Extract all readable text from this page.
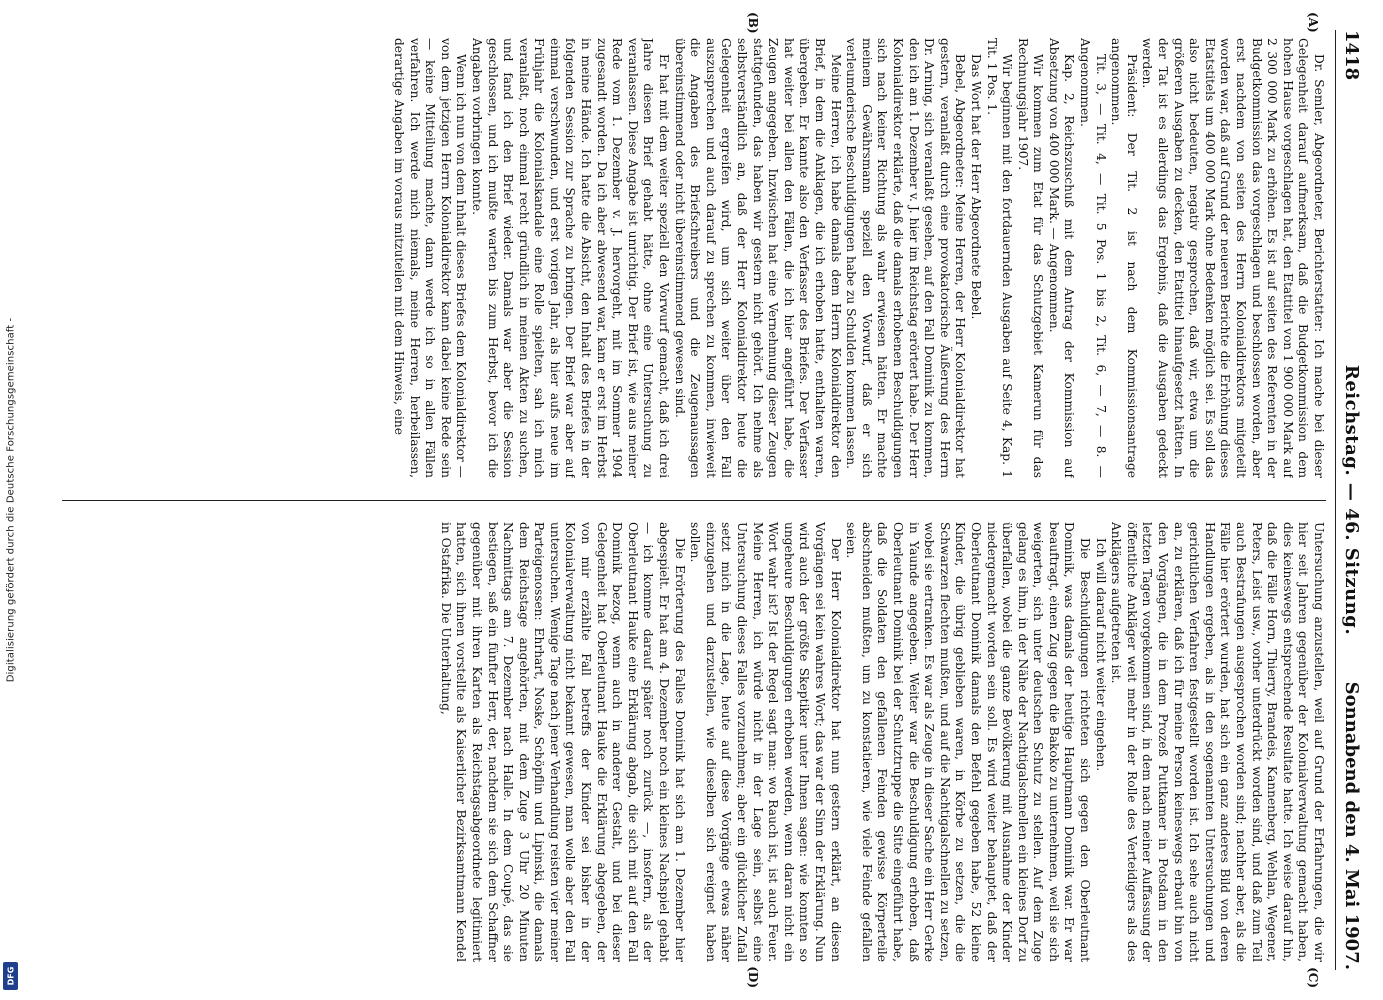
Digitalisierung gefördert durch die Deutsche Forschungsgemeinschaft -
DFG
1418
Reichstag. — 46. Sitzung.
Sonnabend den 4. Mai 1907.
(A)
(B)
(C)
(D)

Dr. Semler, Abgeordneter, Berichterstatter: Ich mache bei dieser Gelegenheit darauf aufmerksam, daß die Budgetkommission dem hohen Hause vorgeschlagen hat, den Etattitel von 1 900 000 Mark auf 2 300 000 Mark zu erhöhen. Es ist auf seiten des Referenten in der Budgetkommission das vorgeschlagen und beschlossen worden, aber erst nachdem von seiten des Herrn Kolonialdirektors mitgeteilt worden war, daß auf Grund der neueren Berichte die Erhöhung dieses Etatstitels um 400 000 Mark ohne Bedenken möglich sei. Es soll das also nicht bedeuten, negativ gesprochen, daß wir, etwa um die größeren Ausgaben zu decken, den Etattitel hinaufgesetzt hätten. In der Tat ist es allerdings das Ergebnis, daß die Ausgaben gedeckt werden.

Präsident: Der Tit. 2 ist nach dem Kommissionsantrage angenommen.

Tit. 3, — Tit. 4, — Tit. 5 Pos. 1 bis 2, Tit. 6, — 7, — 8. — Angenommen.

Kap. 2, Reichszuschuß mit dem Antrag der Kommission auf Absetzung von 400 000 Mark. — Angenommen.

Wir kommen zum Etat für das Schutzgebiet Kamerun für das Rechnungsjahr 1907.

Wir beginnen mit den fortdauernden Ausgaben auf Seite 4, Kap. 1 Tit. 1 Pos. 1.

Das Wort hat der Herr Abgeordnete Bebel.

Bebel, Abgeordneter: Meine Herren, der Herr Kolonialdirektor hat gestern, veranlaßt durch eine provokatorische Äußerung des Herrn Dr. Arning, sich veranlaßt gesehen, auf den Fall Dominik zu kommen, den ich am 1. Dezember v. J. hier im Reichstag erörtert habe. Der Herr Kolonialdirektor erklärte, daß die damals erhobenen Beschuldigungen sich nach keiner Richtung als wahr erwiesen hätten. Er machte meinem Gewährsmann speziell den Vorwurf, daß er sich verleumderische Beschuldigungen habe zu Schulden kommen lassen.

Meine Herren, ich habe damals dem Herrn Kolonialdirektor den Brief, in dem die Anklagen, die ich erhoben hatte, enthalten waren, übergeben. Er kannte also den Verfasser des Briefes. Der Verfasser hat weiter bei allen den Fällen, die ich hier angeführt habe, die Zeugen angegeben. Inzwischen hat eine Vernehmung dieser Zeugen stattgefunden, das haben wir gestern nicht gehört. Ich nehme als selbstverständlich an, daß der Herr Kolonialdirektor heute die Gelegenheit ergreifen wird, um sich weiter über den Fall auszusprechen und auch darauf zu sprechen zu kommen, inwieweit die Angaben des Briefschreibers und die Zeugenaussagen übereinstimmend oder nicht übereinstimmend gewesen sind.

Er hat mit dem weiter speziell den Vorwurf gemacht, daß ich drei Jahre diesen Brief gehabt hätte, ohne eine Untersuchung zu veranlassen. Diese Angabe ist unrichtig. Der Brief ist, wie aus meiner Rede vom 1. Dezember v. J. hervorgeht, mit im Sommer 1904 zugesandt worden. Da ich aber abwesend war, kam er erst im Herbst in meine Hände. Ich hatte die Absicht, den Inhalt des Briefes in der folgenden Session zur Sprache zu bringen. Der Brief war aber auf einmal verschwunden, und erst vorigen Jahr, als hier aufs neue im Frühjahr die Kolonialskandale eine Rolle spielten, sah ich mich veranlaßt, noch einmal recht gründlich in meinen Akten zu suchen, und fand ich den Brief wieder. Damals war aber die Session geschlossen, und ich mußte warten bis zum Herbst, bevor ich die Angaben vorbringen konnte.

Wenn ich nun von dem Inhalt dieses Briefes dem Kolonialdirektor — von dem jetzigen Herrn Kolonialdirektor kann dabei keine Rede sein — keine Mitteilung machte, dann werde ich so in allen Fällen verfahren. Ich werde mich niemals, meine Herren, herbeilassen, derartige Angaben im voraus mitzuteilen mit dem Hinweis, eine

Untersuchung anzustellen, weil auf Grund der Erfahrungen, die wir hier seit Jahren gegenüber der Kolonialverwaltung gemacht haben, dies keineswegs entsprechende Resultate hatte. Ich weise darauf hin, daß die Fälle Horn, Thierry, Brandeis, Kannenberg, Wehlan, Wegener, Peters, Leist usw., vorher unterdrückt worden sind, und daß zum Teil auch Bestrafungen ausgesprochen worden sind; nachher aber, als die Fälle hier erörtert wurden, hat sich ein ganz anderes Bild von deren Handlungen ergeben, als in den sogenannten Untersuchungen und gerichtlichen Verfahren festgestellt worden ist. Ich sehe auch nicht an, zu erklären, daß ich für meine Person keineswegs erbaut bin von den Vorgängen, die in dem Prozeß Puttkamer in Potsdam in den letzten Tagen vorgekommen sind, in dem nach meiner Auffassung der öffentliche Ankläger weit mehr in der Rolle des Verteidigers als des Anklägers aufgetreten ist.

Ich will darauf nicht weiter eingehen.

Die Beschuldigungen richteten sich gegen den Oberleutnant Dominik, was damals der heutige Hauptmann Dominik war. Er war beauftragt, einen Zug gegen die Bakoko zu unternehmen, weil sie sich weigerten, sich unter deutschen Schutz zu stellen. Auf dem Zuge gelang es ihm, in der Nähe der Nachtigalschnellen ein kleines Dorf zu überfallen, wobei die ganze Bevölkerung mit Ausnahme der Kinder niedergemacht worden sein soll. Es wird weiter behauptet, daß der Oberleutnant Dominik damals den Befehl gegeben habe, 52 kleine Kinder, die übrig geblieben waren, in Körbe zu setzen, die die Schwarzen flechten mußten, und auf die Nachtigalschnellen zu setzen, wobei sie ertranken. Es war als Zeuge in dieser Sache ein Herr Gerke in Yaunde angegeben. Weiter war die Beschuldigung erhoben, daß Oberleutnant Dominik bei der Schutztruppe die Sitte eingeführt habe, daß die Soldaten den gefallenen Feinden gewisse Körperteile abschneiden mußten, um zu konstatieren, wie viele Feinde gefallen seien.

Der Herr Kolonialdirektor hat nun gestern erklärt, an diesen Vorgängen sei kein wahres Wort; das war der Sinn der Erklärung. Nun wird auch der größte Skeptiker unter Ihnen sagen: wie konnten so ungeheure Beschuldigungen erhoben werden, wenn daran nicht ein Wort wahr ist? Ist der Regel sagt man: wo Rauch ist, ist auch Feuer. Meine Herren, ich würde nicht in der Lage sein, selbst eine Untersuchung dieses Falles vorzunehmen; aber ein glücklicher Zufall setzt mich in die Lage, heute auf diese Vorgänge etwas näher einzugehen und darzustellen, wie dieselben sich ereignet haben sollen.

Die Erörterung des Falles Dominik hat sich am 1. Dezember hier abgespielt. Er hat am 4. Dezember noch ein kleines Nachspiel gehabt — ich komme darauf später noch zurück —, insofern, als der Oberleutnant Hauke eine Erklärung abgab, die sich mit auf den Fall Dominik bezog, wenn auch in anderer Gestalt, und bei dieser Gelegenheit hat Oberleutnant Hauke die Erklärung abgegeben, der von mir erzählte Fall betreffs der Kinder sei bisher in der Kolonialverwaltung nicht bekannt gewesen, man wolle aber den Fall untersuchen. Wenige Tage nach jener Verhandlung reisten vier meiner Parteigenossen: Ehrhart, Noske, Schöpflin und Lipinski, die damals dem Reichstage angehörten, mit dem Zuge 3 Uhr 20 Minuten Nachmittags am 7. Dezember nach Halle. In dem Coupé, das sie bestiegen, saß ein fünfter Herr, der, nachdem sie sich dem Schaffner gegenüber mit ihren Karten als Reichstagsabgeordnete legitimiert hatten, sich ihnen vorstellte als Kaiserlicher Bezirksamtmann Kendel in Ostafrika. Die Unterhaltung,
